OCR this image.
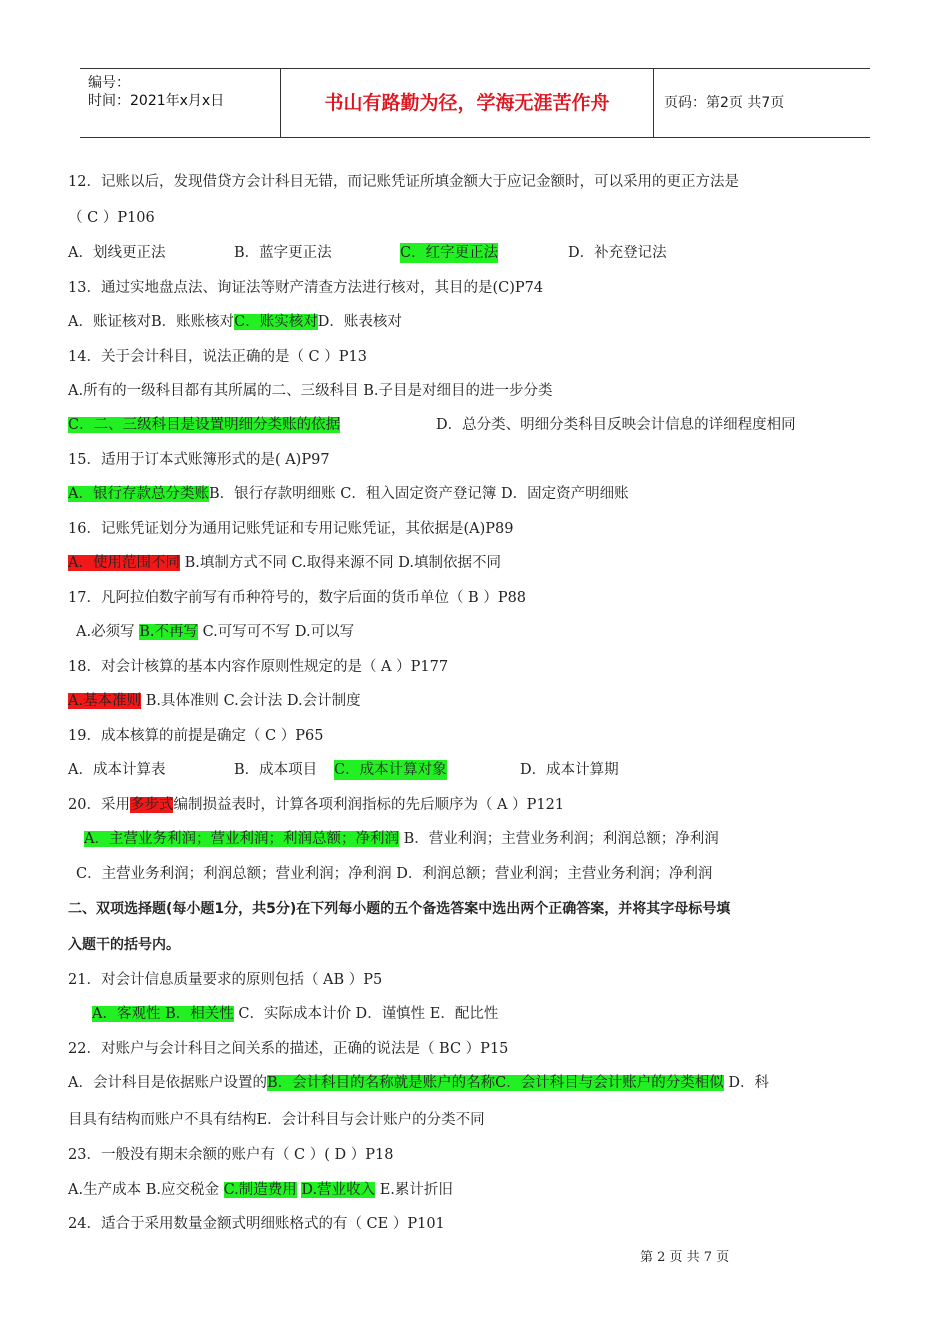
编号：
时间：2021年x月x日	书山有路勤为径，学海无涯苦作舟	页码：第2页 共7页
12．记账以后，发现借贷方会计科目无错，而记账凭证所填金额大于应记金额时，可以采用的更正方法是
（ C ）P106
A．划线更正法	B．蓝字更正法	C．红字更正法	D．补充登记法
13．通过实地盘点法、询证法等财产清查方法进行核对，其目的是(C)P74
A．账证核对B．账账核对C．账实核对D．账表核对
14．关于会计科目，说法正确的是（ C ）P13
A.所有的一级科目都有其所属的二、三级科目 B.子目是对细目的进一步分类
C．二、三级科目是设置明细分类账的依据	D．总分类、明细分类科目反映会计信息的详细程度相同
15．适用于订本式账簿形式的是( A)P97
A．银行存款总分类账B．银行存款明细账 C．租入固定资产登记簿 D．固定资产明细账
16．记账凭证划分为通用记账凭证和专用记账凭证，其依据是(A)P89
A．使用范围不同 B.填制方式不同 C.取得来源不同 D.填制依据不同
17．凡阿拉伯数字前写有币种符号的，数字后面的货币单位（ B ）P88
A.必须写 B.不再写 C.可写可不写 D.可以写
18．对会计核算的基本内容作原则性规定的是（ A ）P177
A.基本准则 B.具体准则 C.会计法 D.会计制度
19．成本核算的前提是确定（ C ）P65
A．成本计算表	B．成本项目 C．成本计算对象	D．成本计算期
20．采用多步式编制损益表时，计算各项利润指标的先后顺序为（ A ）P121
A．主营业务利润；营业利润；利润总额；净利润 B．营业利润；主营业务利润；利润总额；净利润
C．主营业务利润；利润总额；营业利润；净利润 D．利润总额；营业利润；主营业务利润；净利润
二、双项选择题(每小题1分，共5分)在下列每小题的五个备选答案中选出两个正确答案，并将其字母标号填
入题干的括号内。
21．对会计信息质量要求的原则包括（ AB ）P5
A．客观性 B．相关性 C．实际成本计价 D．谨慎性 E．配比性
22．对账户与会计科目之间关系的描述，正确的说法是（ BC ）P15
A．会计科目是依据账户设置的B．会计科目的名称就是账户的名称C．会计科目与会计账户的分类相似 D．科
目具有结构而账户不具有结构E．会计科目与会计账户的分类不同
23．一般没有期末余额的账户有（ C ）( D ）P18
A.生产成本 B.应交税金 C.制造费用 D.营业收入 E.累计折旧
24．适合于采用数量金额式明细账格式的有（ CE ）P101
第 2 页 共 7 页
